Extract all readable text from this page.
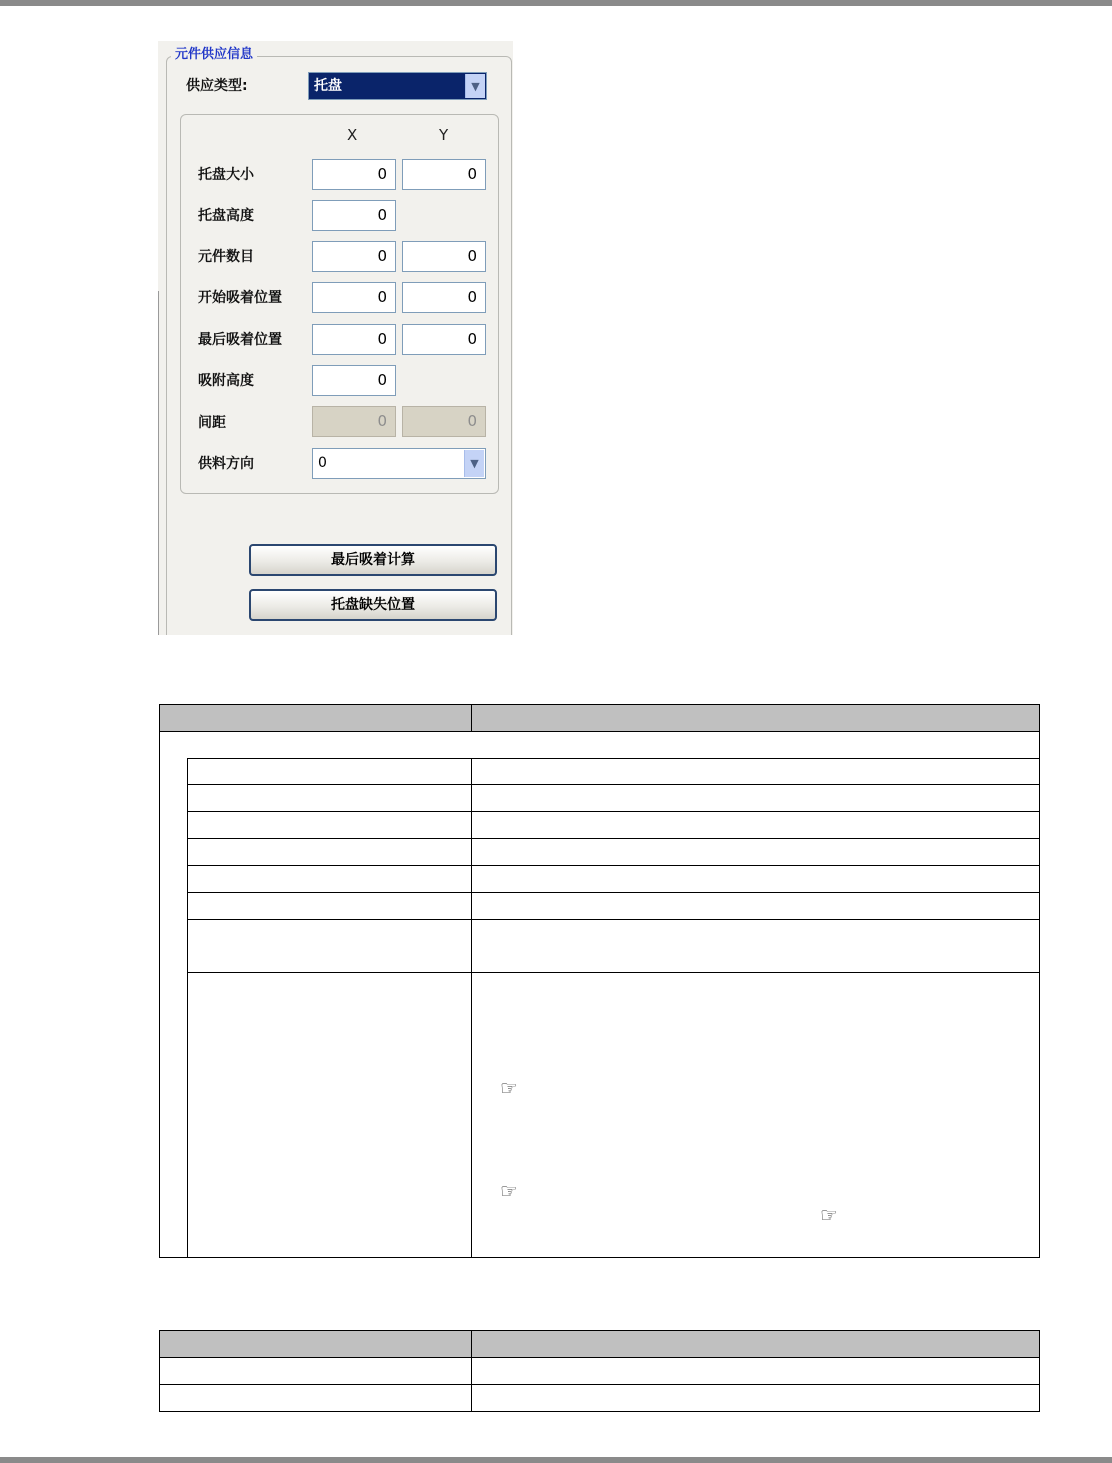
元件供应信息
供应类型:	托盘	▼
X	Y
托盘大小	0	0
托盘高度	0
元件数目	0	0
开始吸着位置	0	0
最后吸着位置	0	0
吸附高度	0
间距	0	0
供料方向	0	▼
最后吸着计算
托盘缺失位置

☞
☞
☞
